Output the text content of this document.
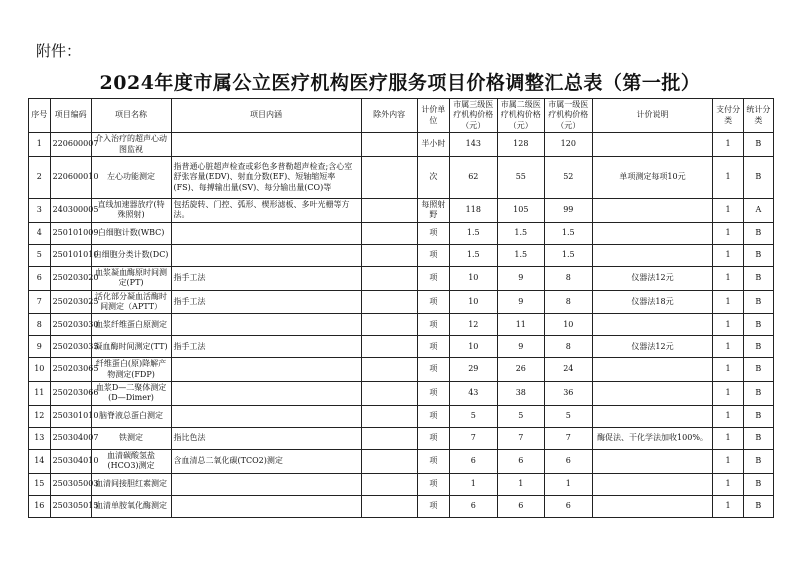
附件：
2024年度市属公立医疗机构医疗服务项目价格调整汇总表（第一批）
序号	项目编码	项目名称	项目内涵	除外内容	计价单位	市属三级医疗机构价格（元）	市属二级医疗机构价格（元）	市属一级医疗机构价格（元）	计价说明	支付分类	统计分类
1	220600007	介入治疗的超声心动图监视			半小时	143	128	120		1	B
2	220600010	左心功能测定	指普通心脏超声检查或彩色多普勒超声检查;含心室舒张容量(EDV)、射血分数(EF)、短轴缩短率(FS)、每搏输出量(SV)、每分输出量(CO)等		次	62	55	52	单项测定每项10元	1	B
3	240300005	直线加速器放疗(特殊照射)	包括旋转、门控、弧形、楔形滤板、多叶光栅等方法。		每照射野	118	105	99		1	A
4	250101009	白细胞计数(WBC)			项	1.5	1.5	1.5		1	B
5	250101010	白细胞分类计数(DC)			项	1.5	1.5	1.5		1	B
6	250203020	血浆凝血酶原时间测定(PT)	指手工法		项	10	9	8	仪器法12元	1	B
7	250203025	活化部分凝血活酶时间测定（APTT）	指手工法		项	10	9	8	仪器法18元	1	B
8	250203030	血浆纤维蛋白原测定			项	12	11	10		1	B
9	250203035	凝血酶时间测定(TT)	指手工法		项	10	9	8	仪器法12元	1	B
10	250203065	纤维蛋白(原)降解产物测定(FDP)			项	29	26	24		1	B
11	250203066	血浆D—二聚体测定(D—Dimer)			项	43	38	36		1	B
12	250301010	脑脊液总蛋白测定			项	5	5	5		1	B
13	250304007	铁测定	指比色法		项	7	7	7	酶促法、干化学法加收100%。	1	B
14	250304010	血清碳酸氢盐(HCO3)测定	含血清总二氧化碳(TCO2)测定		项	6	6	6		1	B
15	250305003	血清间接胆红素测定			项	1	1	1		1	B
16	250305015	血清单胺氧化酶测定			项	6	6	6		1	B
